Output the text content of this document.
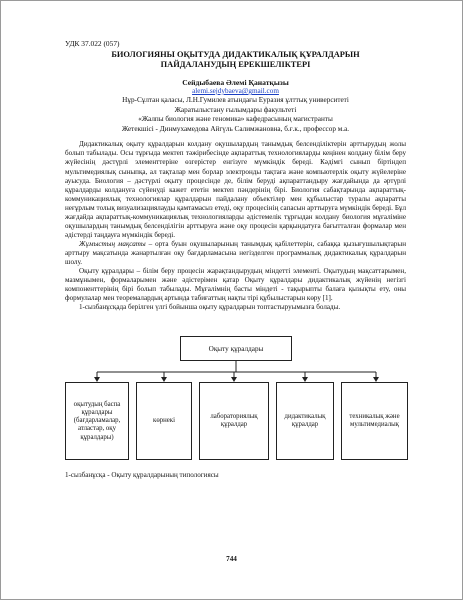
УДК 37.022 (057)
БИОЛОГИЯНЫ ОҚЫТУДА ДИДАКТИКАЛЫҚ ҚҰРАЛДАРЫН
ПАЙДАЛАНУДЫҢ ЕРЕКШЕЛІКТЕРІ
Сейдыбаева Әлемі Қанатқызы
alemi.sejdybaeva@gmail.com
Нұр-Сұлтан қаласы, Л.Н.Гумилев атындағы Еуразия ұлттық университеті
Жаратылыстану ғылымдары факультеті
«Жалпы биология және геномика» кафедрасының магистранты
Жетекшісі - Динмухамедова Айгүль Салимжановна, б.ғ.к., профессор м.а.

Дидактикалық оқыту құралдарын колдану оқушылардың танымдық белсенділіктерін арттырудың жолы болып табылады. Осы тұрғыда мектеп тәжірибесінде ақпараттық технологияларды кеңінен колдану білім беру жүйесінің дәстүрлі элементтеріне өзгерістер енгізуге мүмкіндік береді. Кәдімгі сынып біртіндеп мультимедиялық сыныпқа, ал тақталар мен борлар электронды тақтаға және компьютерлік оқыту жүйелеріне ауысуда. Биология – дәстүрлі оқыту процесінде де, білім беруді ақпараттандыру жағдайында да әртүрлі құралдарды колдануға сүйенуді кажет ететін мектеп пәндерінің бірі. Биология сабақтарында ақпараттық-коммуникациялық технологиялар құралдарын пайдалану объектілер мен құбылыстар туралы ақпаратты неғұрлым толық визуализациялауды қамтамасыз етеді, оқу процесінің сапасын арттыруға мүмкіндік береді. Бұл жағдайда ақпараттық-коммуникациялық технологияларды әдістемелік тұрғыдан колдану биология мұғалімінe оқушылардың танымдық белсенділігін арттыруға және оқу процесін қарқындатуға бағытталған формалар мен әдістерді таңдауға мүмкіндік береді.

Жұмыстың мақсаты – орта буын оқушыларының танымдық қабілеттерін, сабаққа қызығушылықтарын арттыру мақсатында жанартылған оқу бағдарламасына негізделген программалық дидактикалық құралдарын шолу.

Оқыту құралдары – білім беру процесін жарақтандырудың міндетті элементі. Оқытудың мақсаттарымен, мазмұнымен, формаларымен және әдістерімен қатар Оқыту құралдары дидактикалық жүйенің негізгі компоненттерінің бірі болып табылады. Мұғалімнің басты міндеті - тақырыпты балаға қызықты ету, оны формулалар мен теоремалардың артында табиғаттың нақты тірі құбылыстарын көру [1].

1-сызбанұсқада берілген үлгі бойынша оқыту құралдарын топтастыруымызға болады.

Оқыту құралдары
оқытудың баспа құралдары (бағдарламалар, атластар, оқу құралдары)
көрнекі
лабораториялық құралдар
дидактикалық құралдар
техникалық және мультимедиалық
1-сызбанұсқа - Оқыту құралдарының типологиясы
744
